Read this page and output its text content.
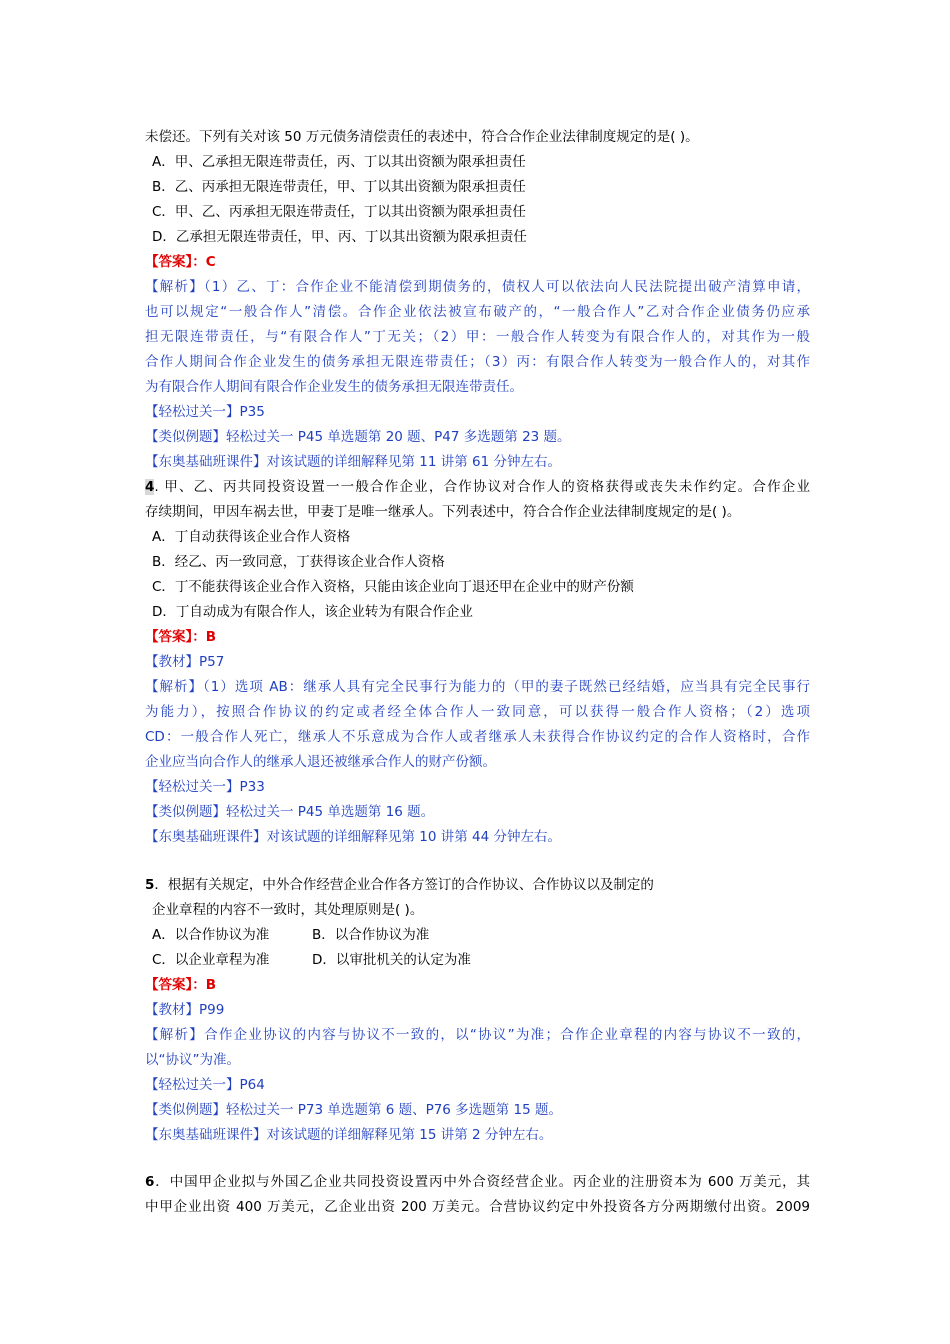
未偿还。下列有关对该 50 万元债务清偿责任的表述中，符合合作企业法律制度规定的是( )。
A．甲、乙承担无限连带责任，丙、丁以其出资额为限承担责任
B．乙、丙承担无限连带责任，甲、丁以其出资额为限承担责任
C．甲、乙、丙承担无限连带责任，丁以其出资额为限承担责任
D．乙承担无限连带责任，甲、丙、丁以其出资额为限承担责任
【答案】：C
【解析】（1）乙、丁：合作企业不能清偿到期债务的，债权人可以依法向人民法院提出破产清算申请，
也可以规定“一般合作人”清偿。合作企业依法被宣布破产的，“一般合作人”乙对合作企业债务仍应承
担无限连带责任，与“有限合作人”丁无关；（2）甲：一般合作人转变为有限合作人的，对其作为一般
合作人期间合作企业发生的债务承担无限连带责任；（3）丙：有限合作人转变为一般合作人的，对其作
为有限合作人期间有限合作企业发生的债务承担无限连带责任。
【轻松过关一】P35
【类似例题】轻松过关一 P45 单选题第 20 题、P47 多选题第 23 题。
【东奥基础班课件】对该试题的详细解释见第 11 讲第 61 分钟左右。
4. 甲、乙、丙共同投资设置一一般合作企业，合作协议对合作人的资格获得或丧失未作约定。合作企业
存续期间，甲因车祸去世，甲妻丁是唯一继承人。下列表述中，符合合作企业法律制度规定的是( )。
A．丁自动获得该企业合作人资格
B．经乙、丙一致同意，丁获得该企业合作人资格
C．丁不能获得该企业合作入资格，只能由该企业向丁退还甲在企业中的财产份额
D．丁自动成为有限合作人，该企业转为有限合作企业
【答案】：B
【教材】P57
【解析】（1）选项 AB：继承人具有完全民事行为能力的（甲的妻子既然已经结婚，应当具有完全民事行
为能力），按照合作协议的约定或者经全体合作人一致同意，可以获得一般合作人资格；（2）选项
CD：一般合作人死亡，继承人不乐意成为合作人或者继承人未获得合作协议约定的合作人资格时，合作
企业应当向合作人的继承人退还被继承合作人的财产份额。
【轻松过关一】P33
【类似例题】轻松过关一 P45 单选题第 16 题。
【东奥基础班课件】对该试题的详细解释见第 10 讲第 44 分钟左右。
5．根据有关规定，中外合作经营企业合作各方签订的合作协议、合作协议以及制定的
企业章程的内容不一致时，其处理原则是( )。
A．以合作协议为准	B．以合作协议为准
C．以企业章程为准	D．以审批机关的认定为准
【答案】：B
【教材】P99
【解析】合作企业协议的内容与协议不一致的，以“协议”为准；合作企业章程的内容与协议不一致的，
以“协议”为准。
【轻松过关一】P64
【类似例题】轻松过关一 P73 单选题第 6 题、P76 多选题第 15 题。
【东奥基础班课件】对该试题的详细解释见第 15 讲第 2 分钟左右。
6．中国甲企业拟与外国乙企业共同投资设置丙中外合资经营企业。丙企业的注册资本为 600 万美元，其
中甲企业出资 400 万美元，乙企业出资 200 万美元。合营协议约定中外投资各方分两期缴付出资。2009
